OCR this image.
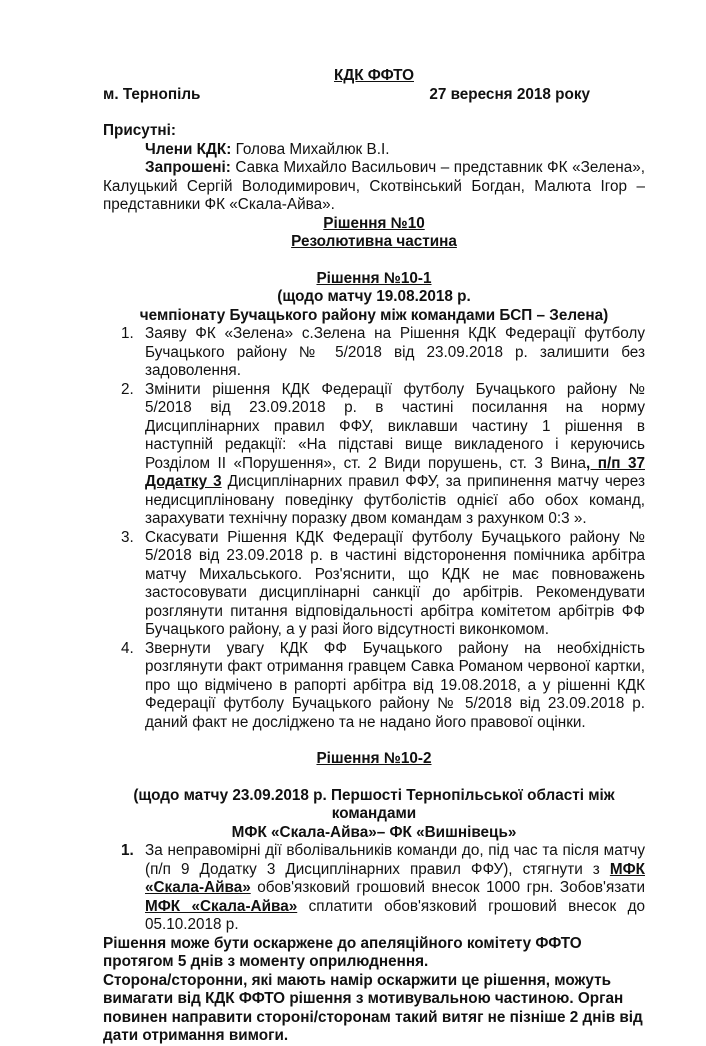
КДК ФФТО

м. Тернопіль	27 вересня 2018 року

Присутні:

Члени КДК: Голова Михайлюк В.І.

Запрошені: Савка Михайло Васильович – представник ФК «Зелена», Калуцький Сергій Володимирович, Скотвінський Богдан, Малюта Ігор – представники ФК «Скала-Айва».

Рішення №10

Резолютивна частина

Рішення №10-1

(щодо матчу 19.08.2018 р.

чемпіонату Бучацького району між командами БСП – Зелена)

1. Заяву ФК «Зелена» с.Зелена на Рішення КДК Федерації футболу Бучацького району № 5/2018 від 23.09.2018 р. залишити без задоволення.
2. Змінити рішення КДК Федерації футболу Бучацького району № 5/2018 від 23.09.2018 р. в частині посилання на норму Дисциплінарних правил ФФУ, виклавши частину 1 рішення в наступній редакції: «На підставі вище викладеного і керуючись Розділом ІІ «Порушення», ст. 2 Види порушень, ст. 3 Вина, п/п 37 Додатку 3 Дисциплінарних правил ФФУ, за припинення матчу через недисципліновану поведінку футболістів однієї або обох команд, зарахувати технічну поразку двом командам з рахунком 0:3 ».
3. Скасувати Рішення КДК Федерації футболу Бучацького району № 5/2018 від 23.09.2018 р. в частині відсторонення помічника арбітра матчу Михальського. Роз'яснити, що КДК не має повноважень застосовувати дисциплінарні санкції до арбітрів. Рекомендувати розглянути питання відповідальності арбітра комітетом арбітрів ФФ Бучацького району, а у разі його відсутності виконкомом.
4. Звернути увагу КДК ФФ Бучацького району на необхідність розглянути факт отримання гравцем Савка Романом червоної картки, про що відмічено в рапорті арбітра від 19.08.2018, а у рішенні КДК Федерації футболу Бучацького району № 5/2018 від 23.09.2018 р. даний факт не досліджено та не надано його правової оцінки.

Рішення №10-2

(щодо матчу 23.09.2018 р. Першості Тернопільської області між командами

МФК «Скала-Айва»– ФК «Вишнівець»

1. За неправомірні дії вболівальників команди до, під час та після матчу (п/п 9 Додатку 3 Дисциплінарних правил ФФУ), стягнути з МФК «Скала-Айва» обов'язковий грошовий внесок 1000 грн. Зобов'язати МФК «Скала-Айва» сплатити обов'язковий грошовий внесок до 05.10.2018 р.

Рішення може бути оскаржене до апеляційного комітету ФФТО протягом 5 днів з моменту оприлюднення.

Сторона/сторонни, які мають намір оскаржити це рішення, можуть вимагати від КДК ФФТО рішення з мотивувальною частиною. Орган повинен направити стороні/сторонам такий витяг не пізніше 2 днів від дати отримання вимоги.
